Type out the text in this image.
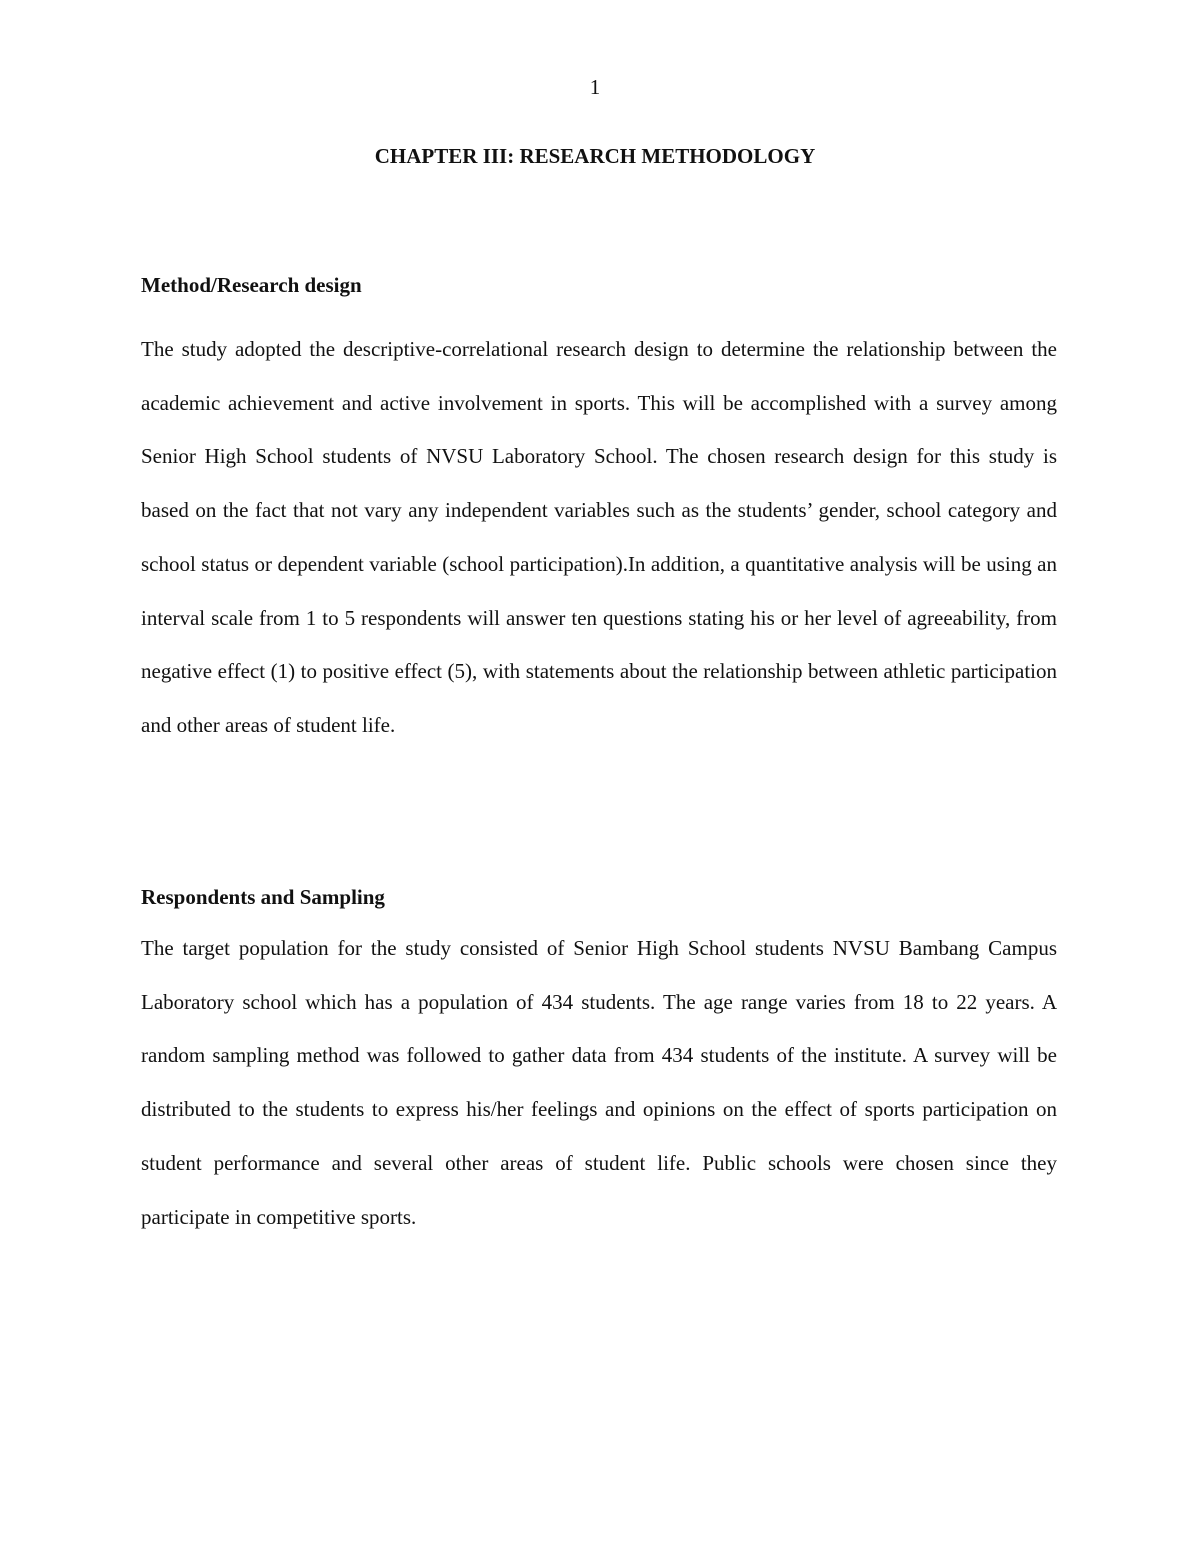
1
CHAPTER III: RESEARCH METHODOLOGY
Method/Research design

The study adopted the descriptive-correlational research design to determine the relationship between the academic achievement and active involvement in sports. This will be accomplished with a survey among Senior High School students of NVSU Laboratory School. The chosen research design for this study is based on the fact that not vary any independent variables such as the students’ gender, school category and school status or dependent variable (school participation).In addition, a quantitative analysis will be using an interval scale from 1 to 5 respondents will answer ten questions stating his or her level of agreeability, from negative effect (1) to positive effect (5), with statements about the relationship between athletic participation and other areas of student life.

Respondents and Sampling

The target population for the study consisted of Senior High School students NVSU Bambang Campus Laboratory school which has a population of 434 students. The age range varies from 18 to 22 years. A random sampling method was followed to gather data from 434 students of the institute. A survey will be distributed to the students to express his/her feelings and opinions on the effect of sports participation on student performance and several other areas of student life. Public schools were chosen since they participate in competitive sports.
